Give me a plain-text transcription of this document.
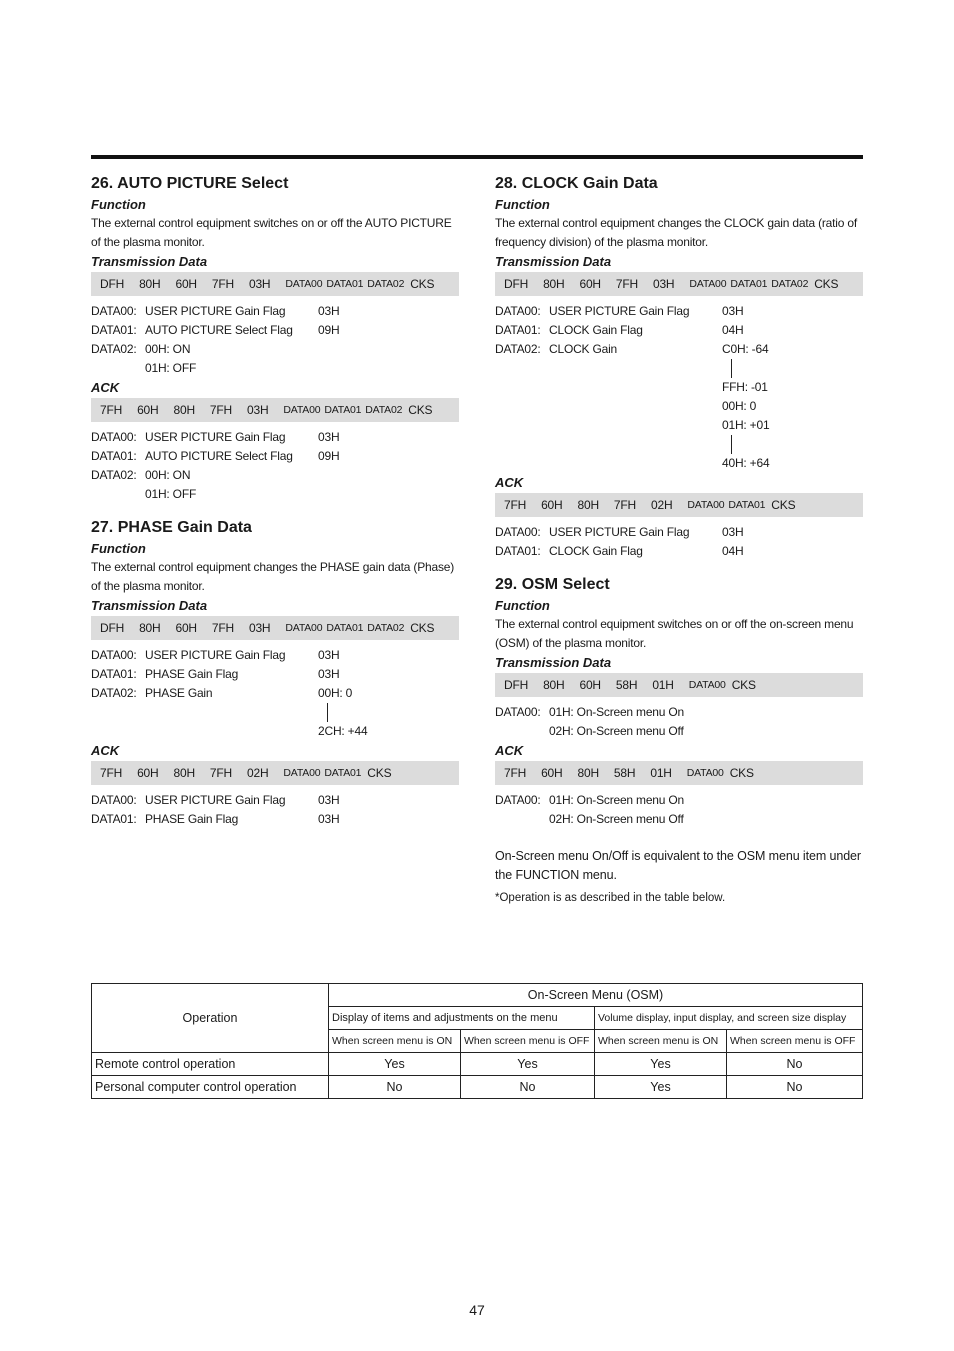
26. AUTO PICTURE Select

Function

The external control equipment switches on or off the AUTO PICTURE of the plasma monitor.

Transmission Data

DFH 80H 60H 7FH 03H DATA00 DATA01 DATA02 CKS
DATA00: USER PICTURE Gain Flag	03H
DATA01: AUTO PICTURE Select Flag	09H
DATA02: 00H: ON
01H: OFF

ACK

7FH 60H 80H 7FH 03H DATA00 DATA01 DATA02 CKS
DATA00: USER PICTURE Gain Flag	03H
DATA01: AUTO PICTURE Select Flag	09H
DATA02: 00H: ON
01H: OFF
27. PHASE Gain Data

Function

The external control equipment changes the PHASE gain data (Phase) of the plasma monitor.

Transmission Data

DFH 80H 60H 7FH 03H DATA00 DATA01 DATA02 CKS
DATA00: USER PICTURE Gain Flag	03H
DATA01: PHASE Gain Flag	03H
DATA02: PHASE Gain	00H: 0
2CH: +44

ACK

7FH 60H 80H 7FH 02H DATA00 DATA01 CKS
DATA00: USER PICTURE Gain Flag	03H
DATA01: PHASE Gain Flag	03H
28. CLOCK Gain Data

Function

The external control equipment changes the CLOCK gain data (ratio of frequency division) of the plasma monitor.

Transmission Data

DFH 80H 60H 7FH 03H DATA00 DATA01 DATA02 CKS
DATA00: USER PICTURE Gain Flag	03H
DATA01: CLOCK Gain Flag	04H
DATA02: CLOCK Gain	C0H: -64
FFH: -01
00H: 0
01H: +01
40H: +64

ACK

7FH 60H 80H 7FH 02H DATA00 DATA01 CKS
DATA00: USER PICTURE Gain Flag	03H
DATA01: CLOCK Gain Flag	04H
29. OSM Select

Function

The external control equipment switches on or off the on-screen menu (OSM) of the plasma monitor.

Transmission Data

DFH 80H 60H 58H 01H DATA00 CKS
DATA00: 01H: On-Screen menu On
02H: On-Screen menu Off

ACK

7FH 60H 80H 58H 01H DATA00 CKS
DATA00: 01H: On-Screen menu On
02H: On-Screen menu Off
On-Screen menu On/Off is equivalent to the OSM menu item under the FUNCTION menu.
*Operation is as described in the table below.
Operation	On-Screen Menu (OSM)			
	Display of items and adjustments on the menu		Volume display, input display, and screen size display	
	When screen menu is ON	When screen menu is OFF	When screen menu is ON	When screen menu is OFF
Remote control operation	Yes	Yes	Yes	No
Personal computer control operation	No	No	Yes	No
47
